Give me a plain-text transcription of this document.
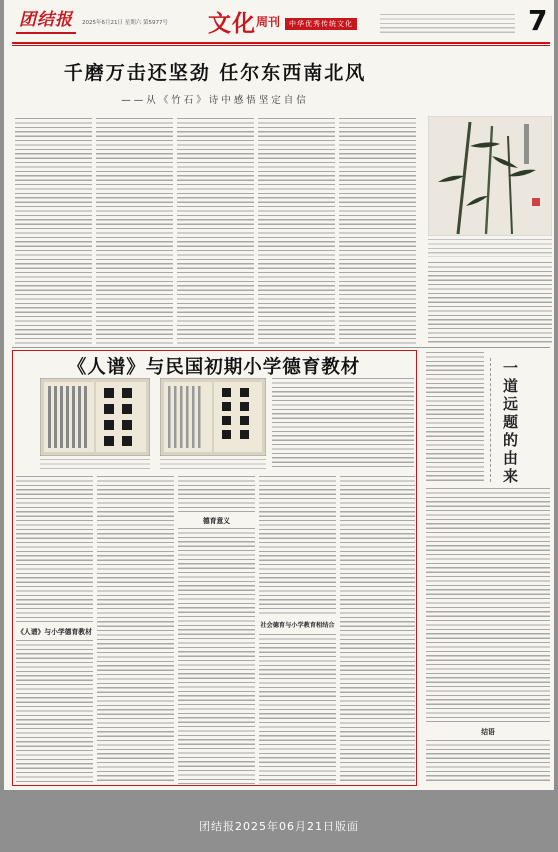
团结报	2025年6月21日 星期六 第5977号 文化 周刊	中华优秀传统文化	7
千磨万击还坚劲 任尔东西南北风
——从《竹石》诗中感悟坚定自信
《人谱》与民国初期小学德育教材
《人谱》与小学德育教材
德育意义
社会德育与小学教育相结合
一道远题的由来
结语
团结报2025年06月21日版面
